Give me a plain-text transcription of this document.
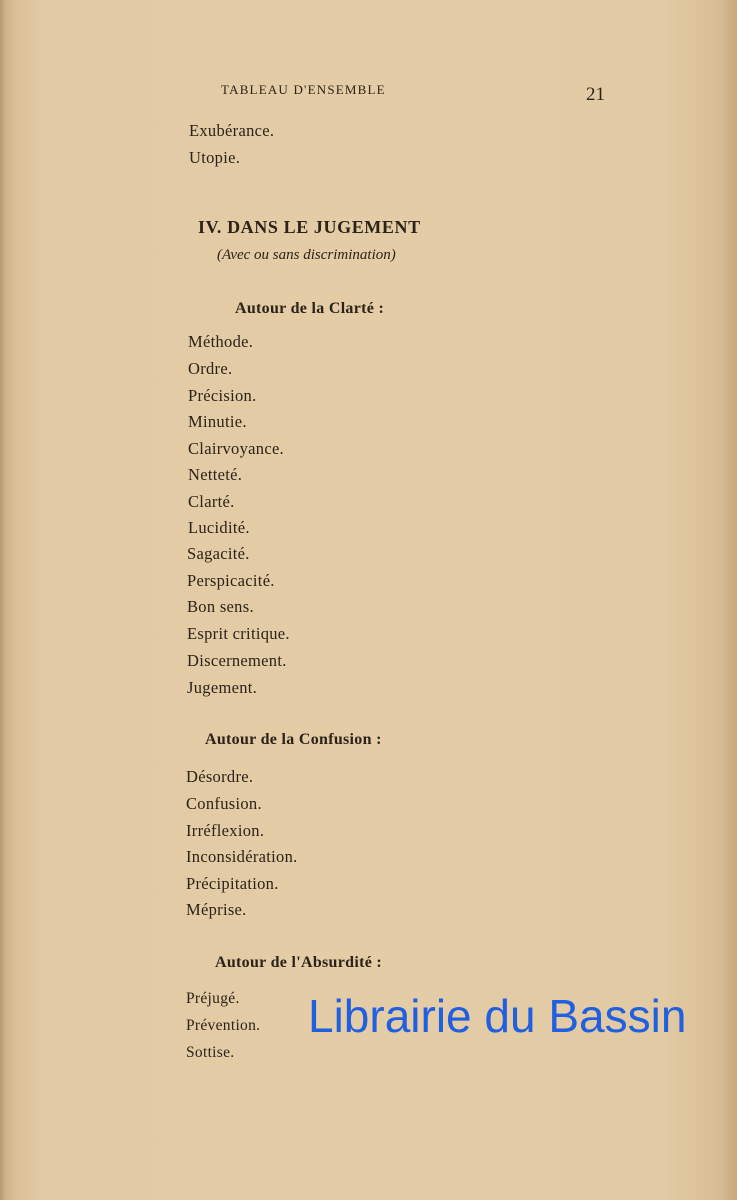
TABLEAU D'ENSEMBLE	21
Exubérance.
Utopie.
IV. DANS LE JUGEMENT
(Avec ou sans discrimination)
Autour de la Clarté :
Méthode.
Ordre.
Précision.
Minutie.
Clairvoyance.
Netteté.
Clarté.
Lucidité.
Sagacité.
Perspicacité.
Bon sens.
Esprit critique.
Discernement.
Jugement.
Autour de la Confusion :
Désordre.
Confusion.
Irréflexion.
Inconsidération.
Précipitation.
Méprise.
Autour de l'Absurdité :
Préjugé.
Prévention.
Sottise.
Librairie du Bassin
